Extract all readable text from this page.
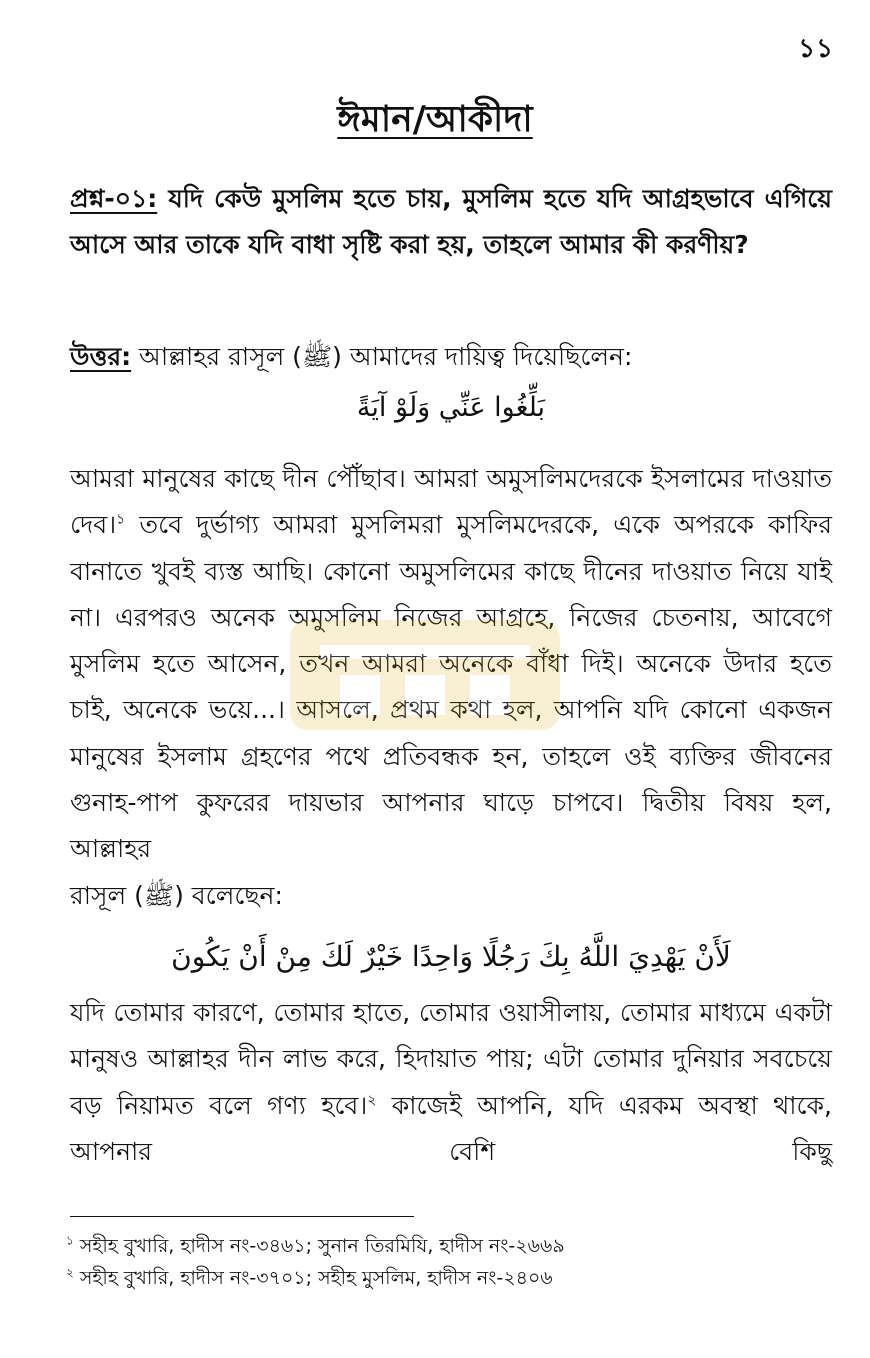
১১
ঈমান/আকীদা
প্রশ্ন-০১: যদি কেউ মুসলিম হতে চায়, মুসলিম হতে যদি আগ্রহভাবে এগিয়ে আসে আর তাকে যদি বাধা সৃষ্টি করা হয়, তাহলে আমার কী করণীয়?
উত্তর: আল্লাহর রাসূল (ﷺ) আমাদের দায়িত্ব দিয়েছিলেন:
بَلِّغُوا عَنِّي وَلَوْ آيَةً
আমরা মানুষের কাছে দীন পৌঁছাব। আমরা অমুসলিমদেরকে ইসলামের দাওয়াত দেব।$^১$ তবে দুর্ভাগ্য আমরা মুসলিমরা মুসলিমদেরকে, একে অপরকে কাফির বানাতে খুবই ব্যস্ত আছি। কোনো অমুসলিমের কাছে দীনের দাওয়াত নিয়ে যাই না। এরপরও অনেক অমুসলিম নিজের আগ্রহে, নিজের চেতনায়, আবেগে মুসলিম হতে আসেন, তখন আমরা অনেকে বাঁধা দিই। অনেকে উদার হতে চাই, অনেকে ভয়ে...। আসলে, প্রথম কথা হল, আপনি যদি কোনো একজন মানুষের ইসলাম গ্রহণের পথে প্রতিবন্ধক হন, তাহলে ওই ব্যক্তির জীবনের গুনাহ-পাপ কুফরের দায়ভার আপনার ঘাড়ে চাপবে। দ্বিতীয় বিষয় হল, আল্লাহর
রাসূল (ﷺ) বলেছেন:
لَأَنْ يَهْدِيَ اللَّهُ بِكَ رَجُلًا وَاحِدًا خَيْرٌ لَكَ مِنْ أَنْ يَكُونَ
যদি তোমার কারণে, তোমার হাতে, তোমার ওয়াসীলায়, তোমার মাধ্যমে একটা মানুষও আল্লাহর দীন লাভ করে, হিদায়াত পায়; এটা তোমার দুনিয়ার সবচেয়ে বড় নিয়ামত বলে গণ্য হবে।$^২$ কাজেই আপনি, যদি এরকম অবস্থা থাকে, আপনার বেশি কিছু
$^১$ সহীহ বুখারি, হাদীস নং-৩৪৬১; সুনান তিরমিযি, হাদীস নং-২৬৬৯
$^২$ সহীহ বুখারি, হাদীস নং-৩৭০১; সহীহ মুসলিম, হাদীস নং-২৪০৬
